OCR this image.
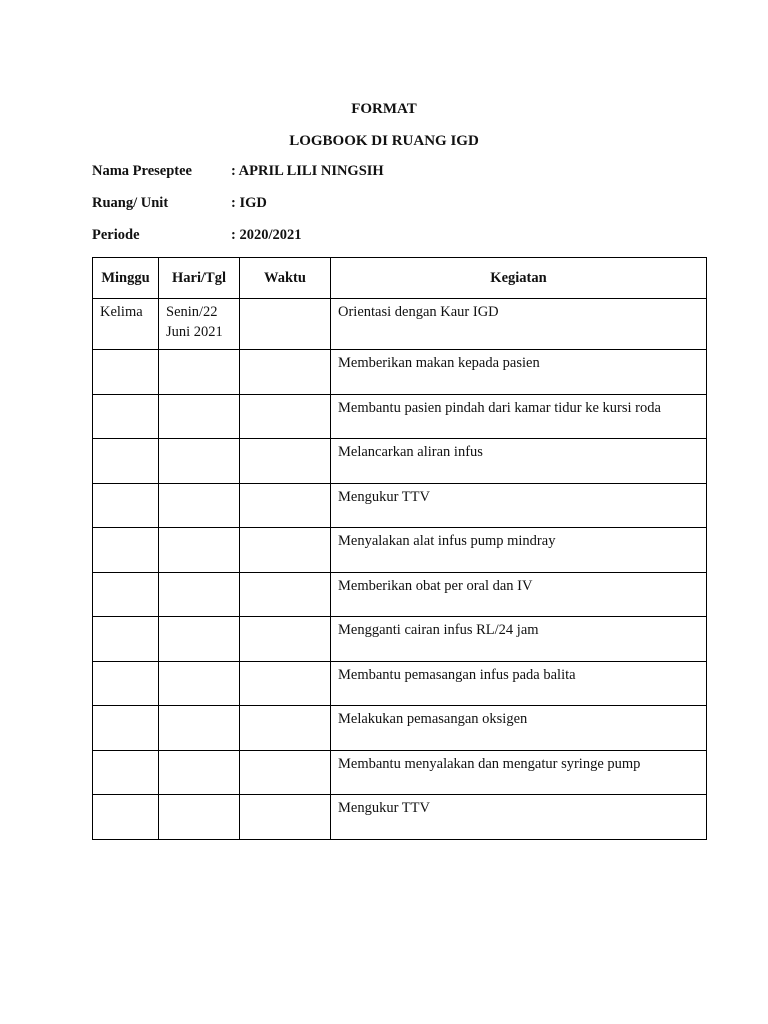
FORMAT
LOGBOOK DI RUANG IGD
Nama Preseptee	: APRIL LILI NINGSIH
Ruang/ Unit	: IGD
Periode	: 2020/2021
Minggu	Hari/Tgl	Waktu	Kegiatan
Kelima	Senin/22 Juni 2021		Orientasi dengan Kaur IGD
			Memberikan makan kepada pasien
			Membantu pasien pindah dari kamar tidur ke kursi roda
			Melancarkan aliran infus
			Mengukur TTV
			Menyalakan alat infus pump mindray
			Memberikan obat per oral dan IV
			Mengganti cairan infus RL/24 jam
			Membantu pemasangan infus pada balita
			Melakukan pemasangan oksigen
			Membantu menyalakan dan mengatur syringe pump
			Mengukur TTV
